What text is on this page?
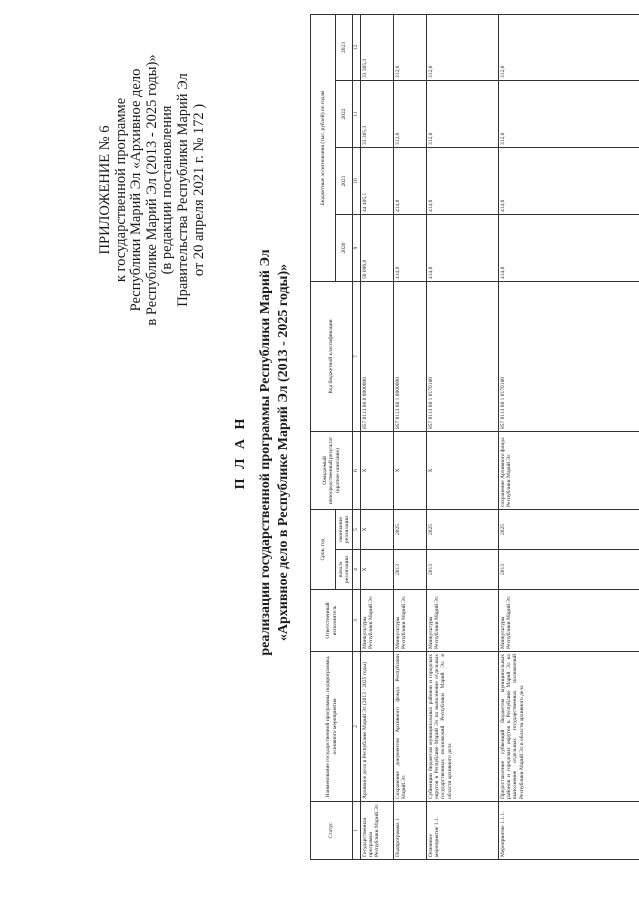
ПРИЛОЖЕНИЕ № 6 к государственной программе Республики Марий Эл «Архивное дело в Республике Марий Эл (2013 - 2025 годы)» (в редакции постановления Правительства Республики Марий Эл от 20 апреля 2021 г. № 172 )
П Л А Н реализации государственной программы Республики Марий Эл «Архивное дело в Республике Марий Эл (2013 - 2025 годы)»
Статус	Наименование государственной программы, подпрограммы, основного мероприятия	Ответственный исполнитель	Срок, год		Ожидаемый непосредственный результат (краткое описание)	Код бюджетной классификации	Бюджетные ассигнования (тыс. рублей) по годам			
			начала реализации	окончания реализации			2020	2021	2022	2023
1	2	3	4	5	6	7	9	10	11	12
Государственная программа Республики Марий Эл	Архивное дело в Республике Марий Эл (2013 - 2025 годы)	Минкультуры Республики Марий Эл	X	X	X	857 0113 08 0 0000000	50 096,0	44 405,1	33 305,3	33 305,3
Подпрограмма 1	Сохранение документов Архивного фонда Республики Марий Эл	Минкультуры Республики Марий Эл	2013	2025	X	857 0113 08 1 0000000	414,0	414,0	312,0	312,0
Основное мероприятие 1.1.	Субвенции бюджетам муниципальных районов и городских округов в Республике Марий Эл на выполнение отдельных государственных полномочий Республики Марий Эл в области архивного дела	Минкультуры Республики Марий Эл	2013	2025	X	857 0113 08 1 0170180	414,0	414,0	312,0	312,0
Мероприятие 1.1.1.	Предоставление субвенций бюджетам муниципальных районов и городских округов в Республике Марий Эл на выполнение отдельных государственных полномочий Республики Марий Эл в области архивного дела	Минкультуры Республики Марий Эл	2013	2025	сохранение Архивного фонда Республики Марий Эл	857 0113 08 1 0170180	414,0	414,0	312,0	312,0
